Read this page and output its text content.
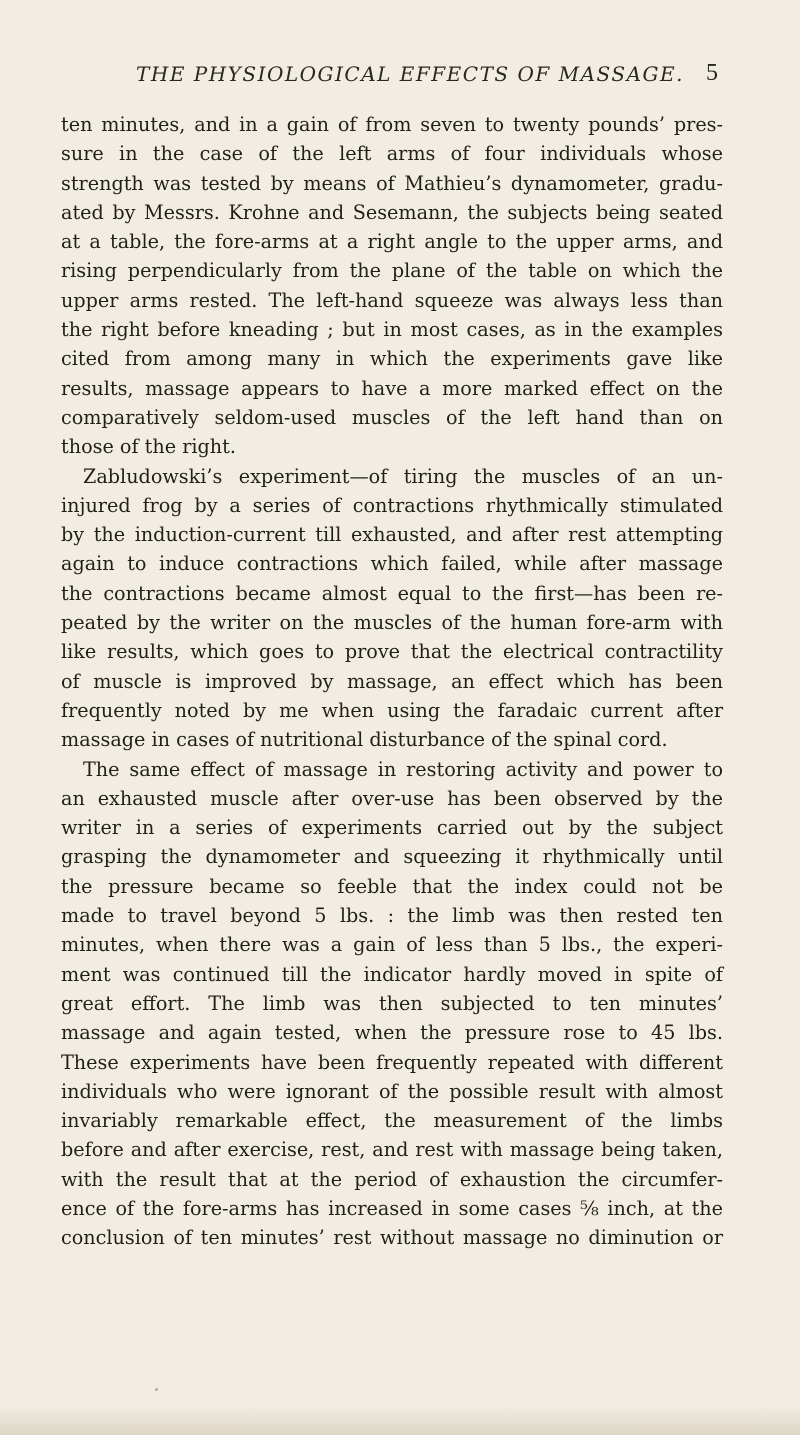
THE PHYSIOLOGICAL EFFECTS OF MASSAGE. 5
ten minutes, and in a gain of from seven to twenty pounds’ pres-
sure in the case of the left arms of four individuals whose
strength was tested by means of Mathieu’s dynamometer, gradu-
ated by Messrs. Krohne and Sesemann, the subjects being seated
at a table, the fore-arms at a right angle to the upper arms, and
rising perpendicularly from the plane of the table on which the
upper arms rested. The left-hand squeeze was always less than
the right before kneading ; but in most cases, as in the examples
cited from among many in which the experiments gave like
results, massage appears to have a more marked effect on the
comparatively seldom-used muscles of the left hand than on
those of the right.
Zabludowski’s experiment—of tiring the muscles of an un-
injured frog by a series of contractions rhythmically stimulated
by the induction-current till exhausted, and after rest attempting
again to induce contractions which failed, while after massage
the contractions became almost equal to the first—has been re-
peated by the writer on the muscles of the human fore-arm with
like results, which goes to prove that the electrical contractility
of muscle is improved by massage, an effect which has been
frequently noted by me when using the faradaic current after
massage in cases of nutritional disturbance of the spinal cord.
The same effect of massage in restoring activity and power to
an exhausted muscle after over-use has been observed by the
writer in a series of experiments carried out by the subject
grasping the dynamometer and squeezing it rhythmically until
the pressure became so feeble that the index could not be
made to travel beyond 5 lbs. : the limb was then rested ten
minutes, when there was a gain of less than 5 lbs., the experi-
ment was continued till the indicator hardly moved in spite of
great effort. The limb was then subjected to ten minutes’
massage and again tested, when the pressure rose to 45 lbs.
These experiments have been frequently repeated with different
individuals who were ignorant of the possible result with almost
invariably remarkable effect, the measurement of the limbs
before and after exercise, rest, and rest with massage being taken,
with the result that at the period of exhaustion the circumfer-
ence of the fore-arms has increased in some cases ⅝ inch, at the
conclusion of ten minutes’ rest without massage no diminution or
